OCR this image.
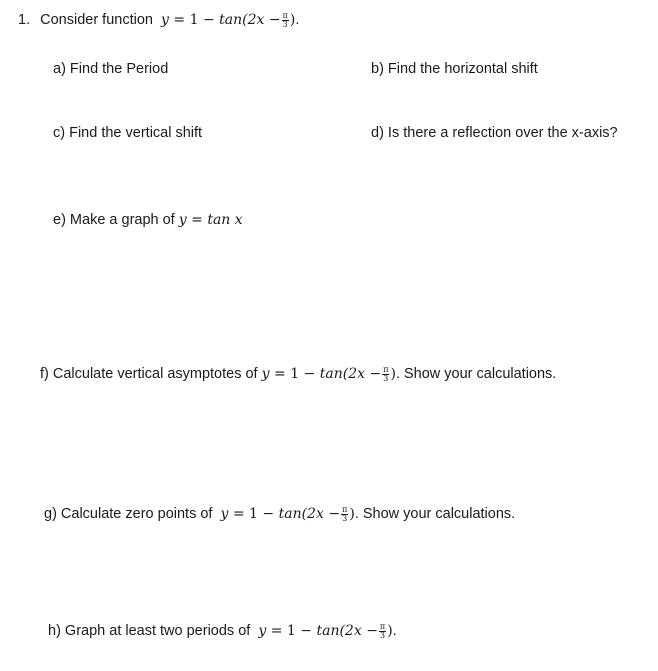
1. Consider function $y = 1 - \tan(2x - \frac{\pi}{3}$ ).
a) Find the Period	b) Find the horizontal shift
c) Find the vertical shift	d) Is there a reflection over the x-axis?
e) Make a graph of y = tan x
f) Calculate vertical asymptotes of $y = 1 - \tan(2x - \frac{\pi}{3}$ ). Show your calculations.
g) Calculate zero points of $y = 1 - \tan(2x - \frac{\pi}{3}$ ). Show your calculations.
h) Graph at least two periods of $y = 1 - \tan(2x - \frac{\pi}{3}$ ).
